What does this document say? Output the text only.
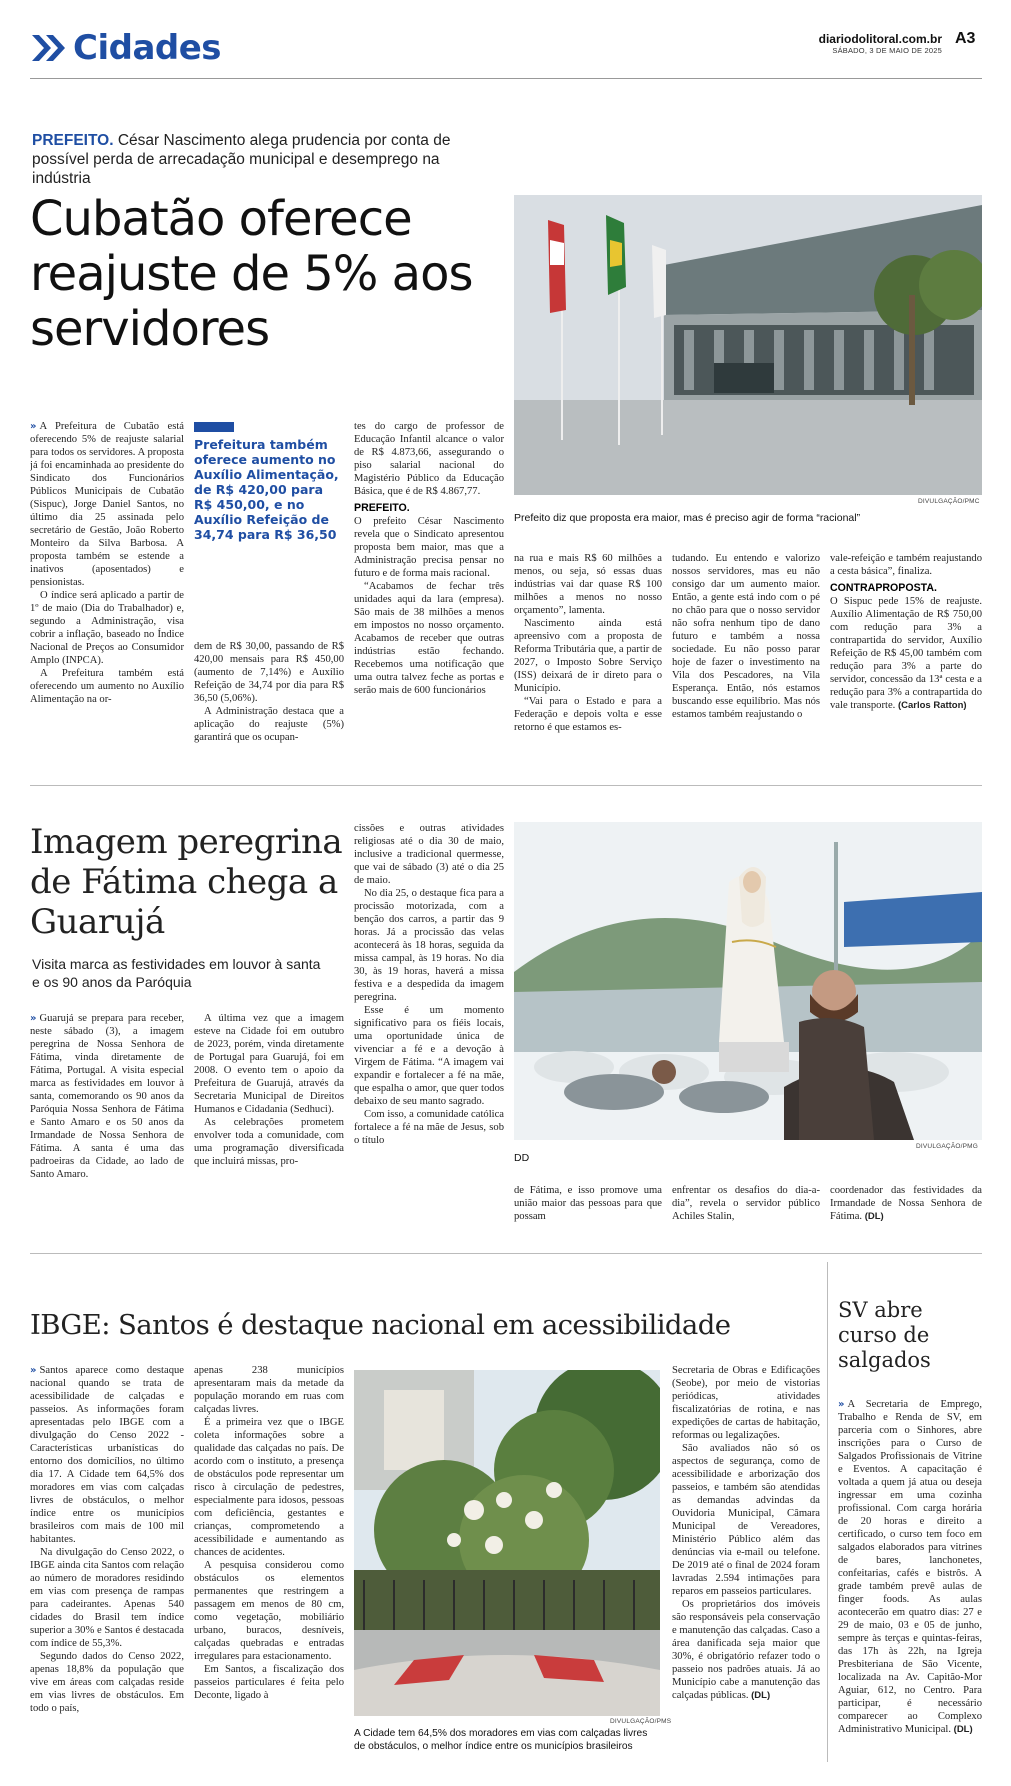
Cidades	diariodolitoral.com.br
SÁBADO, 3 DE MAIO DE 2025
A3
PREFEITO. César Nascimento alega prudencia por conta de possível perda de arrecadação municipal e desemprego na indústria
Cubatão oferece reajuste de 5% aos servidores
DIVULGAÇÃO/PMC
Prefeito diz que proposta era maior, mas é preciso agir de forma “racional”
Prefeitura também oferece aumento no Auxílio Alimentação, de R$ 420,00 para R$ 450,00, e no Auxílio Refeição de 34,74 para R$ 36,50

» A Prefeitura de Cubatão está oferecendo 5% de reajuste salarial para todos os servidores. A proposta já foi encaminhada ao presidente do Sindicato dos Funcionários Públicos Municipais de Cubatão (Sispuc), Jorge Daniel Santos, no último dia 25 assinada pelo secretário de Gestão, João Roberto Monteiro da Silva Barbosa. A proposta também se estende a inativos (aposentados) e pensionistas.

O índice será aplicado a partir de 1º de maio (Dia do Trabalhador) e, segundo a Administração, visa cobrir a inflação, baseado no Índice Nacional de Preços ao Consumidor Amplo (INPCA).

A Prefeitura também está oferecendo um aumento no Auxílio Alimentação na or-

dem de R$ 30,00, passando de R$ 420,00 mensais para R$ 450,00 (aumento de 7,14%) e Auxílio Refeição de 34,74 por dia para R$ 36,50 (5,06%).

A Administração destaca que a aplicação do reajuste (5%) garantirá que os ocupan-

tes do cargo de professor de Educação Infantil alcance o valor de R$ 4.873,66, assegurando o piso salarial nacional do Magistério Público da Educação Básica, que é de R$ 4.867,77.

PREFEITO.

O prefeito César Nascimento revela que o Sindicato apresentou proposta bem maior, mas que a Administração precisa pensar no futuro e de forma mais racional.

“Acabamos de fechar três unidades aqui da lara (empresa). São mais de 38 milhões a menos em impostos no nosso orçamento. Acabamos de receber que outras indústrias estão fechando. Recebemos uma notificação que uma outra talvez feche as portas e serão mais de 600 funcionários

na rua e mais R$ 60 milhões a menos, ou seja, só essas duas indústrias vai dar quase R$ 100 milhões a menos no nosso orçamento”, lamenta.

Nascimento ainda está apreensivo com a proposta de Reforma Tributária que, a partir de 2027, o Imposto Sobre Serviço (ISS) deixará de ir direto para o Município.

“Vai para o Estado e para a Federação e depois volta e esse retorno é que estamos es-

tudando. Eu entendo e valorizo nossos servidores, mas eu não consigo dar um aumento maior. Então, a gente está indo com o pé no chão para que o nosso servidor não sofra nenhum tipo de dano futuro e também a nossa sociedade. Eu não posso parar hoje de fazer o investimento na Vila dos Pescadores, na Vila Esperança. Então, nós estamos buscando esse equilíbrio. Mas nós estamos também reajustando o

vale-refeição e também reajustando a cesta básica”, finaliza.

CONTRAPROPOSTA.

O Sispuc pede 15% de reajuste. Auxílio Alimentação de R$ 750,00 com redução para 3% a contrapartida do servidor, Auxílio Refeição de R$ 45,00 também com redução para 3% a parte do servidor, concessão da 13ª cesta e a redução para 3% a contrapartida do vale transporte. (Carlos Ratton)

Imagem peregrina de Fátima chega a Guarujá
Visita marca as festividades em louvor à santa e os 90 anos da Paróquia

» Guarujá se prepara para receber, neste sábado (3), a imagem peregrina de Nossa Senhora de Fátima, vinda diretamente de Fátima, Portugal. A visita especial marca as festividades em louvor à santa, comemorando os 90 anos da Paróquia Nossa Senhora de Fátima e Santo Amaro e os 50 anos da Irmandade de Nossa Senhora de Fátima. A santa é uma das padroeiras da Cidade, ao lado de Santo Amaro.

A última vez que a imagem esteve na Cidade foi em outubro de 2023, porém, vinda diretamente de Portugal para Guarujá, foi em 2008. O evento tem o apoio da Prefeitura de Guarujá, através da Secretaria Municipal de Direitos Humanos e Cidadania (Sedhuci).

As celebrações prometem envolver toda a comunidade, com uma programação diversificada que incluirá missas, pro-

cissões e outras atividades religiosas até o dia 30 de maio, inclusive a tradicional quermesse, que vai de sábado (3) até o dia 25 de maio.

No dia 25, o destaque fica para a procissão motorizada, com a benção dos carros, a partir das 9 horas. Já a procissão das velas acontecerá às 18 horas, seguida da missa campal, às 19 horas. No dia 30, às 19 horas, haverá a missa festiva e a despedida da imagem peregrina.

Esse é um momento significativo para os fiéis locais, uma oportunidade única de vivenciar a fé e a devoção à Virgem de Fátima. “A imagem vai expandir e fortalecer a fé na mãe, que espalha o amor, que quer todos debaixo de seu manto sagrado.

Com isso, a comunidade católica fortalece a fé na mãe de Jesus, sob o título

DIVULGAÇÃO/PMG
DD

de Fátima, e isso promove uma união maior das pessoas para que possam

enfrentar os desafios do dia-a-dia”, revela o servidor público Achiles Stalin,

coordenador das festividades da Irmandade de Nossa Senhora de Fátima. (DL)

IBGE: Santos é destaque nacional em acessibilidade

» Santos aparece como destaque nacional quando se trata de acessibilidade de calçadas e passeios. As informações foram apresentadas pelo IBGE com a divulgação do Censo 2022 - Características urbanísticas do entorno dos domicílios, no último dia 17. A Cidade tem 64,5% dos moradores em vias com calçadas livres de obstáculos, o melhor índice entre os municípios brasileiros com mais de 100 mil habitantes.

Na divulgação do Censo 2022, o IBGE ainda cita Santos com relação ao número de moradores residindo em vias com presença de rampas para cadeirantes. Apenas 540 cidades do Brasil tem índice superior a 30% e Santos é destacada com índice de 55,3%.

Segundo dados do Censo 2022, apenas 18,8% da população que vive em áreas com calçadas reside em vias livres de obstáculos. Em todo o país,

apenas 238 municípios apresentaram mais da metade da população morando em ruas com calçadas livres.

É a primeira vez que o IBGE coleta informações sobre a qualidade das calçadas no país. De acordo com o instituto, a presença de obstáculos pode representar um risco à circulação de pedestres, especialmente para idosos, pessoas com deficiência, gestantes e crianças, comprometendo a acessibilidade e aumentando as chances de acidentes.

A pesquisa considerou como obstáculos os elementos permanentes que restringem a passagem em menos de 80 cm, como vegetação, mobiliário urbano, buracos, desníveis, calçadas quebradas e entradas irregulares para estacionamento.

Em Santos, a fiscalização dos passeios particulares é feita pelo Deconte, ligado à

DIVULGAÇÃO/PMS
A Cidade tem 64,5% dos moradores em vias com calçadas livres de obstáculos, o melhor índice entre os municípios brasileiros

Secretaria de Obras e Edificações (Seobe), por meio de vistorias periódicas, atividades fiscalizatórias de rotina, e nas expedições de cartas de habitação, reformas ou legalizações.

São avaliados não só os aspectos de segurança, como de acessibilidade e arborização dos passeios, e também são atendidas as demandas advindas da Ouvidoria Municipal, Câmara Municipal de Vereadores, Ministério Público além das denúncias via e-mail ou telefone. De 2019 até o final de 2024 foram lavradas 2.594 intimações para reparos em passeios particulares.

Os proprietários dos imóveis são responsáveis pela conservação e manutenção das calçadas. Caso a área danificada seja maior que 30%, é obrigatório refazer todo o passeio nos padrões atuais. Já ao Município cabe a manutenção das calçadas públicas. (DL)

SV abre curso de salgados

» A Secretaria de Emprego, Trabalho e Renda de SV, em parceria com o Sinhores, abre inscrições para o Curso de Salgados Profissionais de Vitrine e Eventos. A capacitação é voltada a quem já atua ou deseja ingressar em uma cozinha profissional. Com carga horária de 20 horas e direito a certificado, o curso tem foco em salgados elaborados para vitrines de bares, lanchonetes, confeitarias, cafés e bistrôs. A grade também prevê aulas de finger foods. As aulas acontecerão em quatro dias: 27 e 29 de maio, 03 e 05 de junho, sempre às terças e quintas-feiras, das 17h às 22h, na Igreja Presbiteriana de São Vicente, localizada na Av. Capitão-Mor Aguiar, 612, no Centro. Para participar, é necessário comparecer ao Complexo Administrativo Municipal. (DL)
